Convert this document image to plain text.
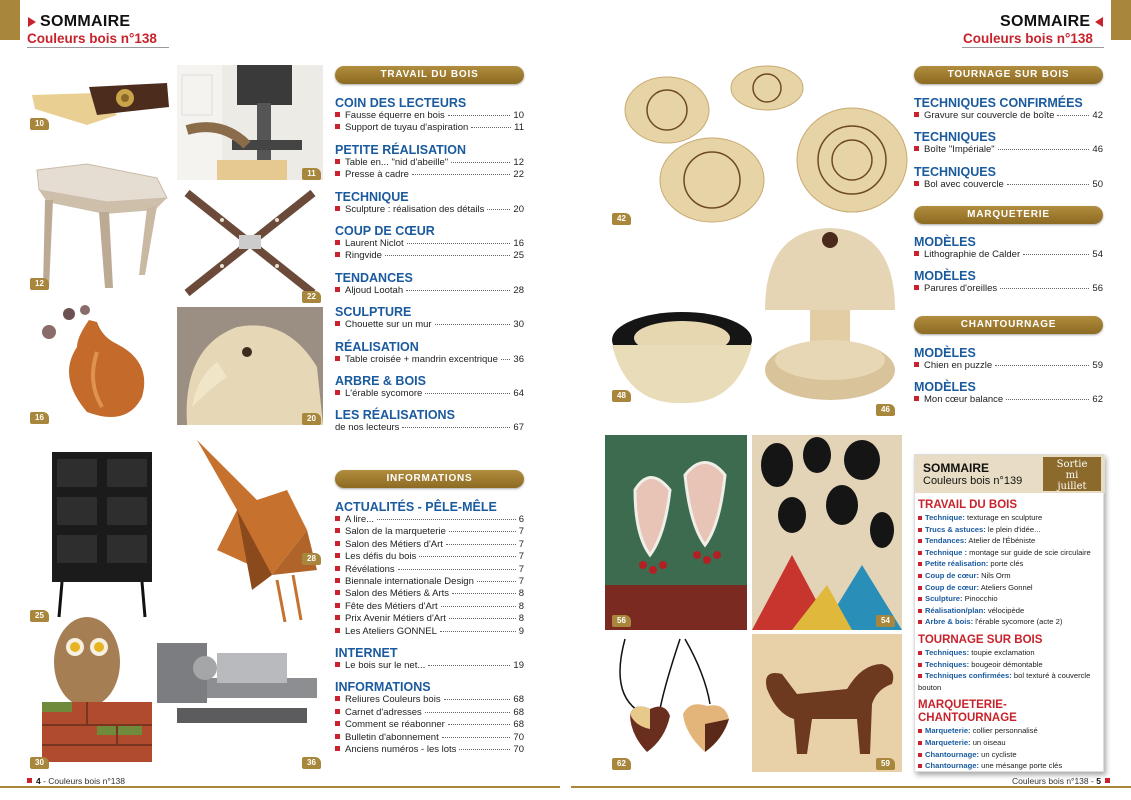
SOMMAIRE
Couleurs bois n°138
SOMMAIRE
Couleurs bois n°138
10
11
12
22
16	20
25
28
30	36
TRAVAIL DU BOIS
COIN DES LECTEURS
Fausse équerre en bois	10
Support de tuyau d'aspiration	11
PETITE RÉALISATION
Table en... "nid d'abeille"	12
Presse à cadre	22
TECHNIQUE
Sculpture : réalisation des détails	20
COUP DE CŒUR
Laurent Niclot	16
Ringvide	25
TENDANCES
Aljoud Lootah	28
SCULPTURE
Chouette sur un mur	30
RÉALISATION
Table croisée + mandrin excentrique 36
ARBRE & BOIS
L'érable sycomore	64
LES RÉALISATIONS
de nos lecteurs	67
INFORMATIONS
ACTUALITÉS - PÊLE-MÊLE
A lire...	6
Salon de la marqueterie	7
Salon des Métiers d'Art	7
Les défis du bois	7
Révélations	7
Biennale internationale Design	7
Salon des Métiers & Arts	8
Fête des Métiers d'Art	8
Prix Avenir Métiers d'Art	8
Les Ateliers GONNEL	9
INTERNET
Le bois sur le net...	19
INFORMATIONS
Reliures Couleurs bois	68
Carnet d'adresses	68
Comment se réabonner	68
Bulletin d'abonnement	70
Anciens numéros - les lots	70
42
48
46
56	54
62	59
TOURNAGE SUR BOIS
TECHNIQUES CONFIRMÉES
Gravure sur couvercle de boîte	42
TECHNIQUES
Boîte "Impériale"	46
TECHNIQUES
Bol avec couvercle	50
MARQUETERIE
MODÈLES
Lithographie de Calder	54
MODÈLES
Parures d'oreilles	56
CHANTOURNAGE
MODÈLES
Chien en puzzle	59
MODÈLES
Mon cœur balance	62
SOMMAIRE
Couleurs bois n°139
Sortie
mi
juillet
TRAVAIL DU BOIS
Technique: texturage en sculpture
Trucs & astuces: le plein d'idée...
Tendances: Atelier de l'Ébéniste
Technique : montage sur guide de scie circulaire
Petite réalisation: porte clés
Coup de cœur: Nils Orm
Coup de cœur: Ateliers Gonnel
Sculpture: Pinocchio
Réalisation/plan: vélocipède
Arbre & bois: l'érable sycomore (acte 2)
TOURNAGE SUR BOIS
Techniques: toupie exclamation
Techniques: bougeoir démontable
Techniques confirmées: bol texturé à couvercle bouton
MARQUETERIE-CHANTOURNAGE
Marqueterie: collier personnalisé
Marqueterie: un oiseau
Chantournage: un cycliste
Chantournage: une mésange porte clés
4 - Couleurs bois n°138	Couleurs bois n°138 - 5
